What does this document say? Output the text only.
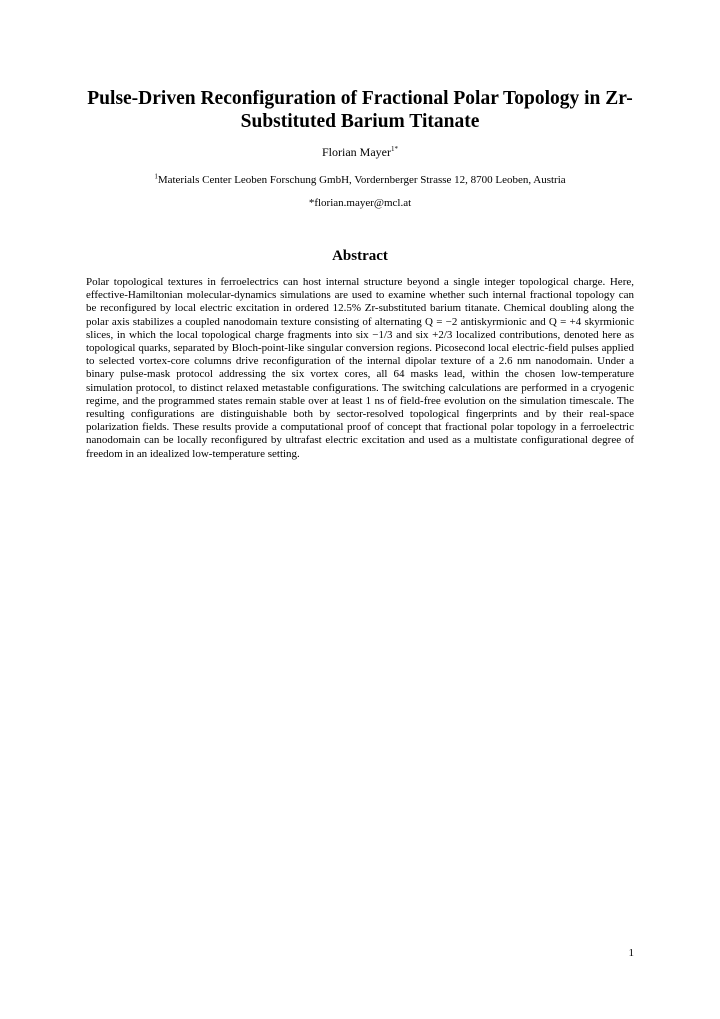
Pulse-Driven Reconfiguration of Fractional Polar Topology in Zr-Substituted Barium Titanate
Florian Mayer$^{1*}$
$^1$Materials Center Leoben Forschung GmbH, Vordernberger Strasse 12, 8700 Leoben, Austria
*florian.mayer@mcl.at
Abstract
Polar topological textures in ferroelectrics can host internal structure beyond a single integer topological charge. Here, effective-Hamiltonian molecular-dynamics simulations are used to examine whether such internal fractional topology can be reconfigured by local electric excitation in ordered 12.5% Zr-substituted barium titanate. Chemical doubling along the polar axis stabilizes a coupled nanodomain texture consisting of alternating Q = −2 antiskyrmionic and Q = +4 skyrmionic slices, in which the local topological charge fragments into six −1/3 and six +2/3 localized contributions, denoted here as topological quarks, separated by Bloch-point-like singular conversion regions. Picosecond local electric-field pulses applied to selected vortex-core columns drive reconfiguration of the internal dipolar texture of a 2.6 nm nanodomain. Under a binary pulse-mask protocol addressing the six vortex cores, all 64 masks lead, within the chosen low-temperature simulation protocol, to distinct relaxed metastable configurations. The switching calculations are performed in a cryogenic regime, and the programmed states remain stable over at least 1 ns of field-free evolution on the simulation timescale. The resulting configurations are distinguishable both by sector-resolved topological fingerprints and by their real-space polarization fields. These results provide a computational proof of concept that fractional polar topology in a ferroelectric nanodomain can be locally reconfigured by ultrafast electric excitation and used as a multistate configurational degree of freedom in an idealized low-temperature setting.
1
